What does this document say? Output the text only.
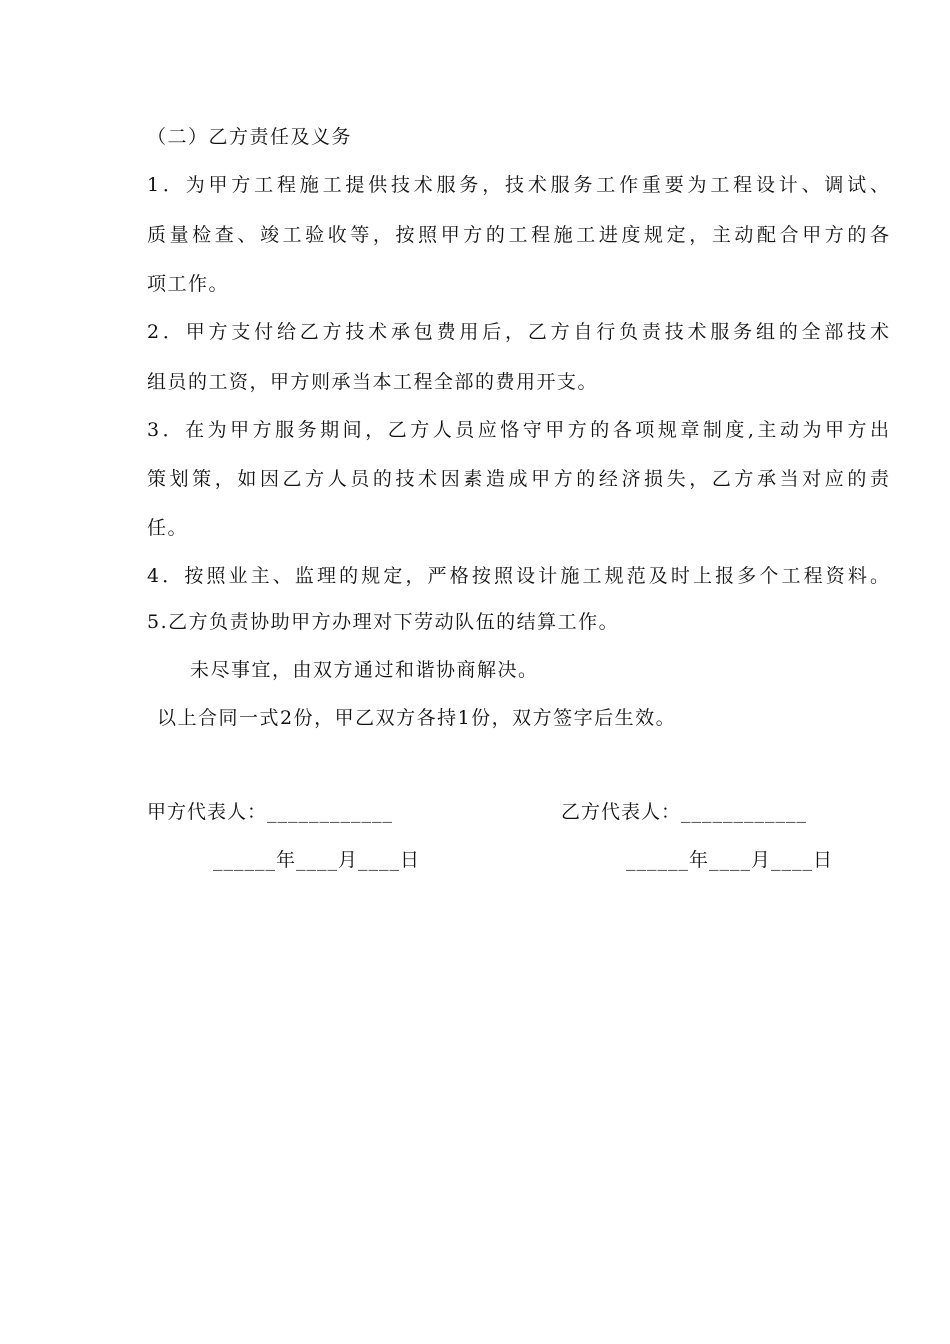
（二）乙方责任及义务
1．为甲方工程施工提供技术服务，技术服务工作重要为工程设计、调试、
质量检查、竣工验收等，按照甲方的工程施工进度规定，主动配合甲方的各
项工作。
2．甲方支付给乙方技术承包费用后，乙方自行负责技术服务组的全部技术
组员的工资，甲方则承当本工程全部的费用开支。
3．在为甲方服务期间，乙方人员应恪守甲方的各项规章制度,主动为甲方出
策划策，如因乙方人员的技术因素造成甲方的经济损失，乙方承当对应的责
任。
4．按照业主、监理的规定，严格按照设计施工规范及时上报多个工程资料。
5.乙方负责协助甲方办理对下劳动队伍的结算工作。
未尽事宜，由双方通过和谐协商解决。
以上合同一式2份，甲乙双方各持1份，双方签字后生效。
甲方代表人：____________
______年____月____日
乙方代表人：____________
______年____月____日
